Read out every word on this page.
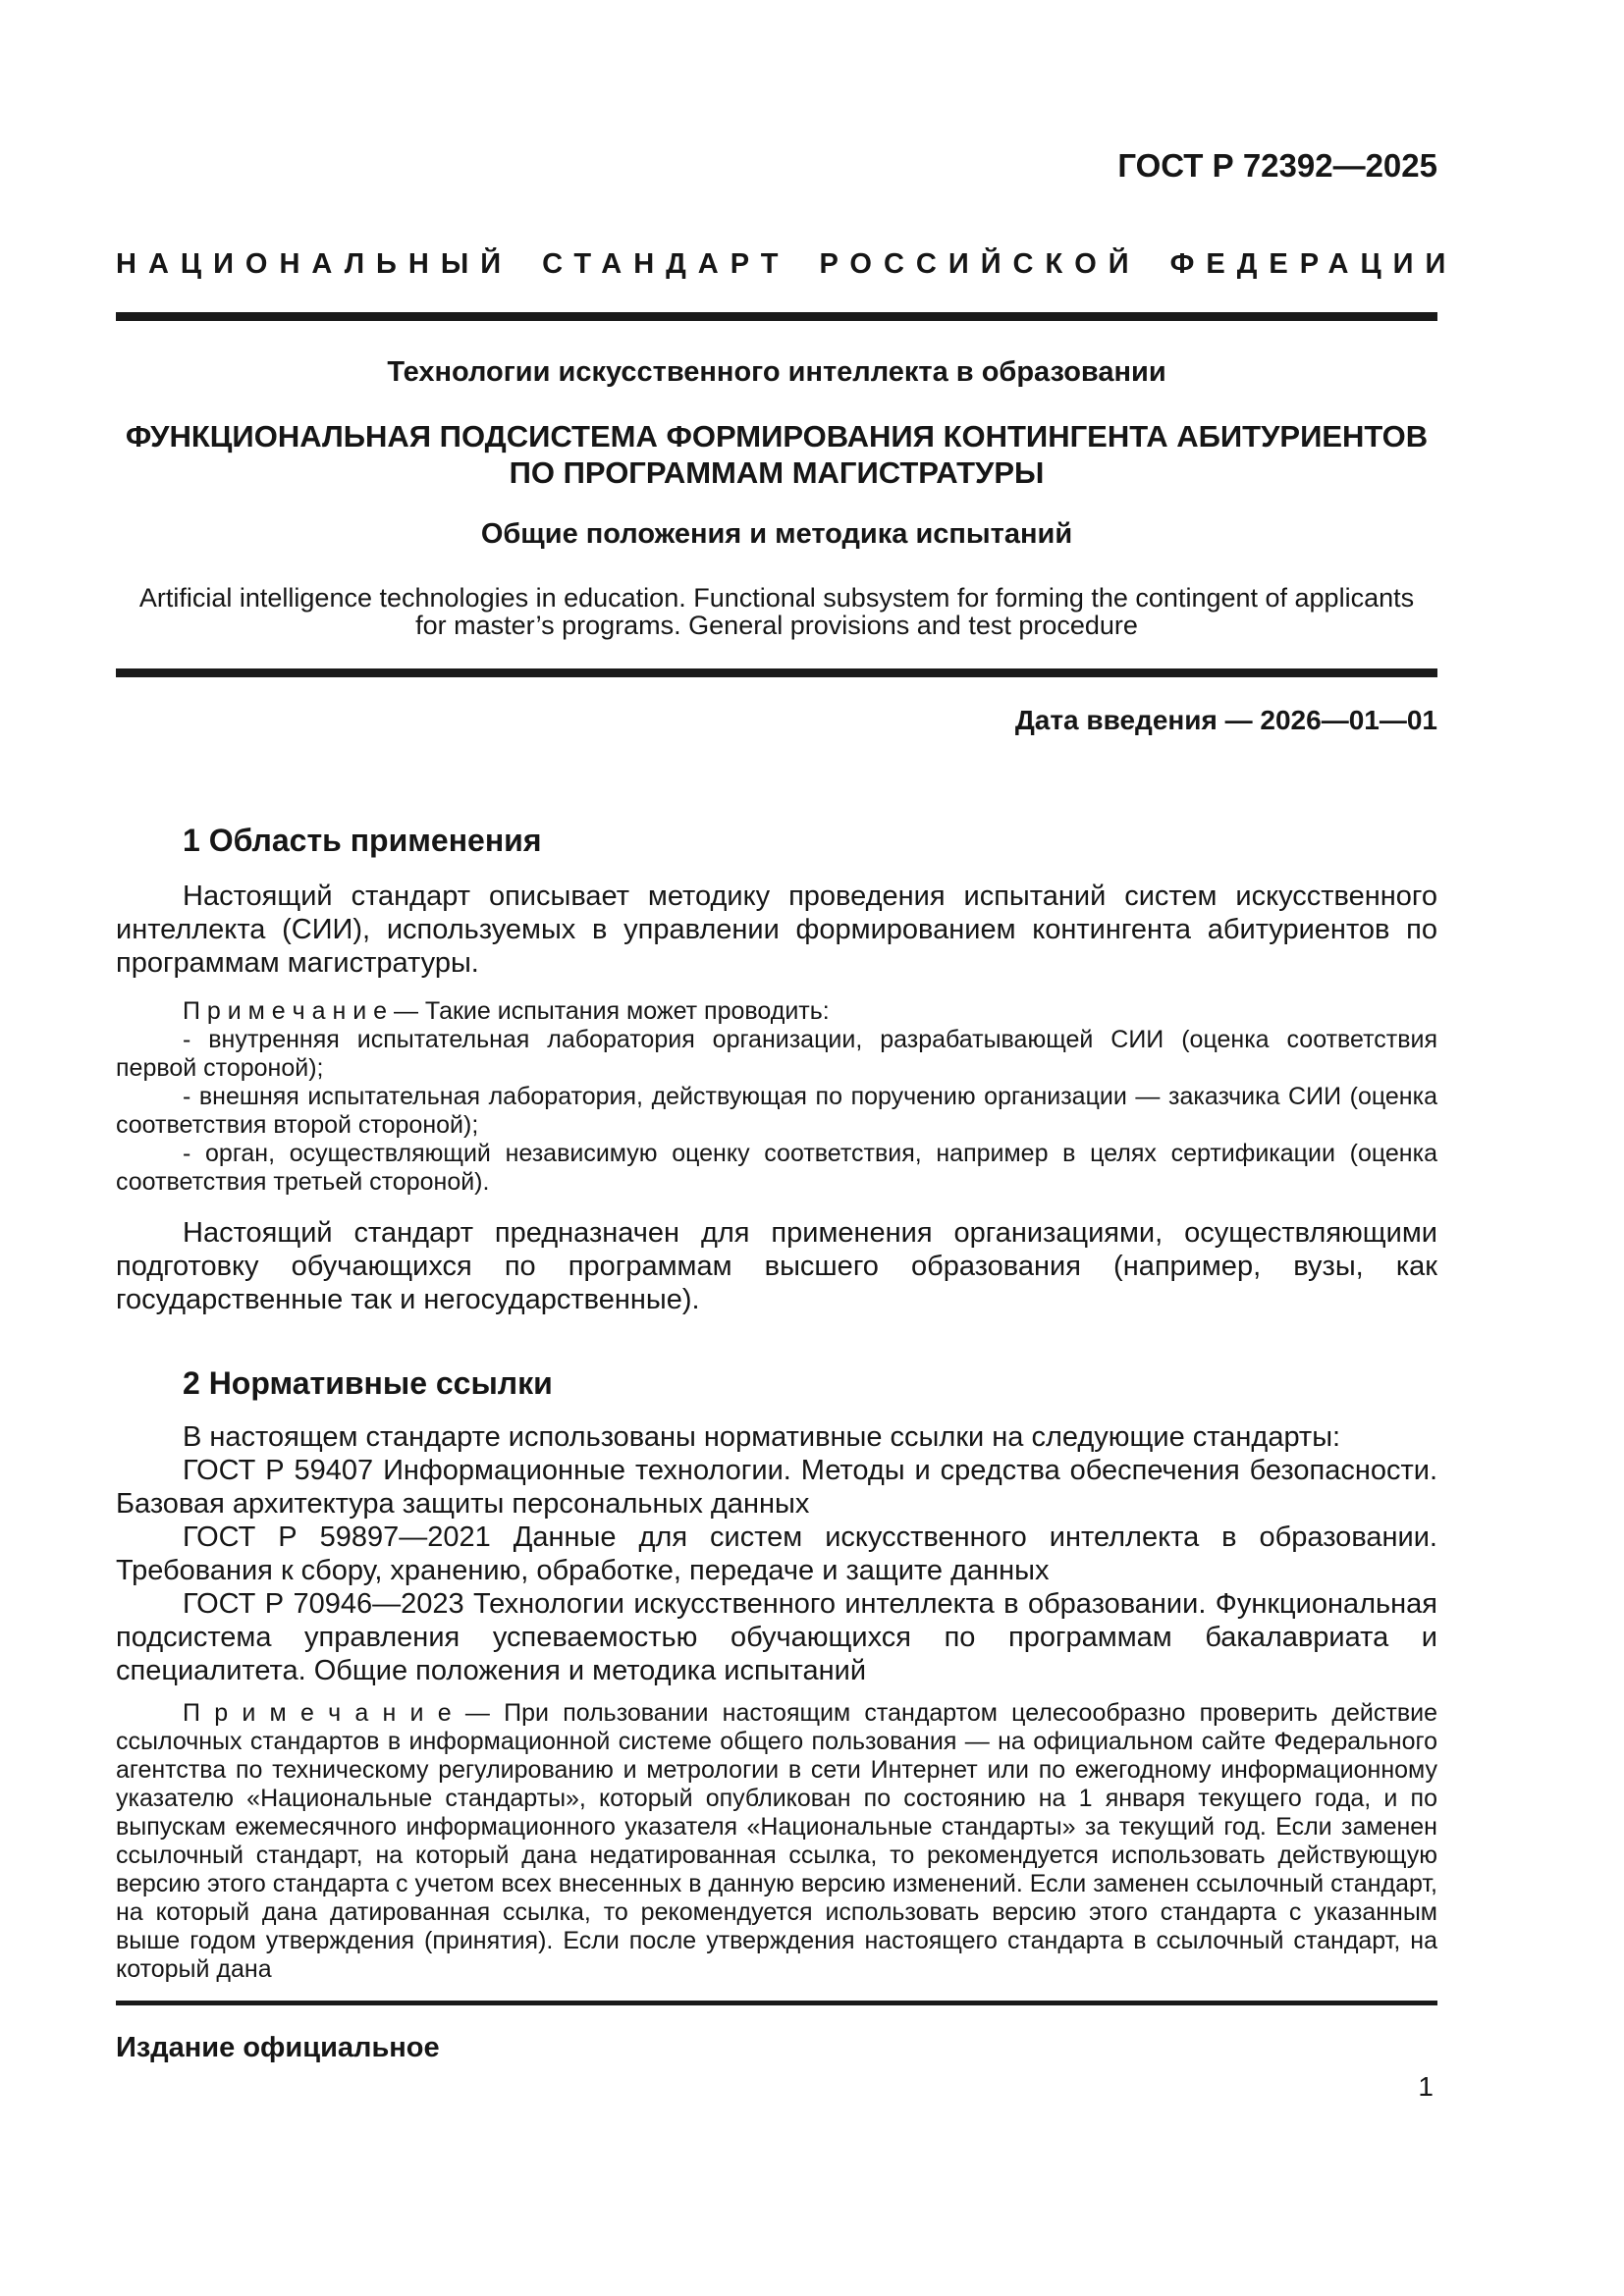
ГОСТ Р 72392—2025
НАЦИОНАЛЬНЫЙ СТАНДАРТ РОССИЙСКОЙ ФЕДЕРАЦИИ
Технологии искусственного интеллекта в образовании
ФУНКЦИОНАЛЬНАЯ ПОДСИСТЕМА ФОРМИРОВАНИЯ КОНТИНГЕНТА АБИТУРИЕНТОВ
ПО ПРОГРАММАМ МАГИСТРАТУРЫ
Общие положения и методика испытаний
Artificial intelligence technologies in education. Functional subsystem for forming the contingent of applicants
for master’s programs. General provisions and test procedure
Дата введения — 2026—01—01
1 Область применения

Настоящий стандарт описывает методику проведения испытаний систем искусственного интеллекта (СИИ), используемых в управлении формированием контингента абитуриентов по программам магистратуры.

П р и м е ч а н и е — Такие испытания может проводить:
- внутренняя испытательная лаборатория организации, разрабатывающей СИИ (оценка соответствия первой стороной);
- внешняя испытательная лаборатория, действующая по поручению организации — заказчика СИИ (оценка соответствия второй стороной);
- орган, осуществляющий независимую оценку соответствия, например в целях сертификации (оценка соответствия третьей стороной).

Настоящий стандарт предназначен для применения организациями, осуществляющими подготовку обучающихся по программам высшего образования (например, вузы, как государственные так и негосударственные).

2 Нормативные ссылки

В настоящем стандарте использованы нормативные ссылки на следующие стандарты:

ГОСТ Р 59407 Информационные технологии. Методы и средства обеспечения безопасности. Базовая архитектура защиты персональных данных

ГОСТ Р 59897—2021 Данные для систем искусственного интеллекта в образовании. Требования к сбору, хранению, обработке, передаче и защите данных

ГОСТ Р 70946—2023 Технологии искусственного интеллекта в образовании. Функциональная подсистема управления успеваемостью обучающихся по программам бакалавриата и специалитета. Общие положения и методика испытаний

П р и м е ч а н и е — При пользовании настоящим стандартом целесообразно проверить действие ссылочных стандартов в информационной системе общего пользования — на официальном сайте Федерального агентства по техническому регулированию и метрологии в сети Интернет или по ежегодному информационному указателю «Национальные стандарты», который опубликован по состоянию на 1 января текущего года, и по выпускам ежемесячного информационного указателя «Национальные стандарты» за текущий год. Если заменен ссылочный стандарт, на который дана недатированная ссылка, то рекомендуется использовать действующую версию этого стандарта с учетом всех внесенных в данную версию изменений. Если заменен ссылочный стандарт, на который дана датированная ссылка, то рекомендуется использовать версию этого стандарта с указанным выше годом утверждения (принятия). Если после утверждения настоящего стандарта в ссылочный стандарт, на который дана
Издание официальное
1
